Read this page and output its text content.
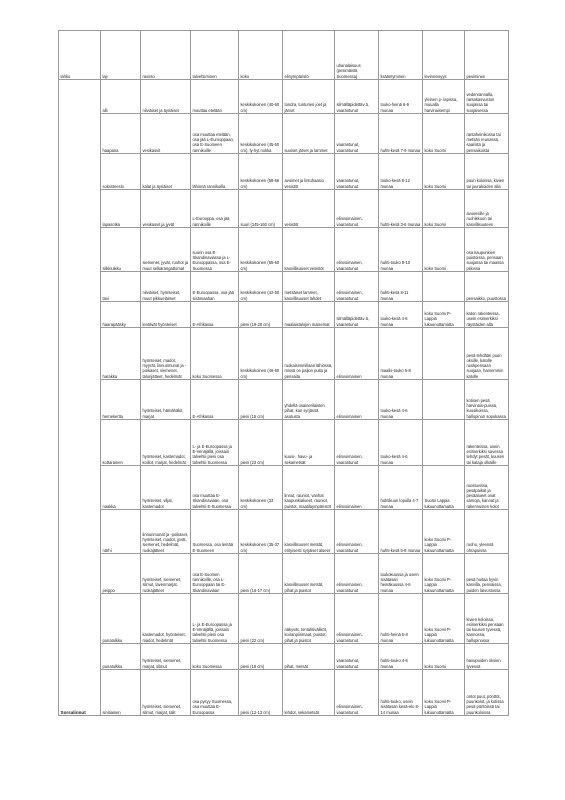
lahko	laji	ravinto	talvehtiminen	koko	elinympäristö	uhanalaisuus (pesimäistä Suomessa)	lisääntyminen	levinneisyys	pesiminen
Sorsalinnut	alli	nilviäiset ja äyriäiset	muuttaa etelään	keskikokoinen (40-60 cm)	tundra, tunturien joet ja järvet	silmälläpidettäv ä, vaarantunut	touko-heinä 6-9 munaa	yleinen p- lapissa, muualla harvinaisempi	vedenrannalla, rantakasvuston suojassa tai suojaisessa
	haapana	vesikasvit	osa muuttaa etelään, osa jää L-Eurooppaan, osa E-Suomeen rannikoille	keskikokoinen (45-50 cm), ly-hyt nokka	suoiset järvet ja lammet	vaarantunut, vaarantunut	huhti-kesä 7-9 munaa	koko Suomi	rantaheinikossa tai metsän reunassa, saarista ja pensaikoista
	sokssteeslo	kalat ja äyriäiset	lähinnä rannikoilla	keskikokoinen (58-66 cm)	avoimet ja lintuhaasio vesistöt	vaarantunut, vaarantunut	touko-kesä 8-12 munaa	koko Suomi	puun koloissa, kivien tai juurakoiden alla
	lapasotka	vesikasvit ja jyvät	L-Eurooppa, osa jää rannikoille	suuri (145-160 cm)	vesistöt	elinvoimainen, vaarantunut	huhti-kesä 3-6 munaa	koko Suomi	avovesille ja ruohikkoon tai kasvillisuuteen
	silkkiuikku	siemenet, jyvät, ruohot ja muut selkärangattomat	suurin osa E-Skandinaviassa ja L-Eurooppassa, osa E-Suomessa	keskikokoinen (55-60 cm)	kasvillisuuset vesistöt	elinvoimainen, vaarantunut	huhti-touko 8-10 munaa	koko Suomi	osa kaupunkien puistoissa, pensaan suojassa tai maassa piilossa
	tavi	nilviäiset, hyönteiset, muut pikkueläimet	E-Euroopassa, osa jää sisämaahan	keskikokoinen (42-50 cm)	metsäiset lammet, kasvillisuuset lahdet	elinvoimainen, vaarantunut	huhti-kesä 8-11 munaa		pensaikko, puustossa
	haarapääsky	lentävät hyönteiset	E-Afrikassa	pieni (19-20 cm)	maalaistalojen maisemat	silmälläpidettäv ä, vaarantunut	touko-kesä 4-6 munaa	koko Suomi P-Lappia lukuunottamatta	katon rakenteissa, usein esimerkiksi räystäiden alla
	harakka	hyönteiset, madot, myyrät, linnunmunat ja -poikaset, siemenet, talonjätteet, hedelmät	koko Suomessa	keskikokoinen (46-50 cm)	ruokaisimmillaan lähiössä, missä on paljon puita ja pensaita	elinvoimainen	maalis-touko 5-8 munaa		pesä tehdään puun oksille, katolle ruiskpensaan suojaan, harvemmin katolle
	hernekerttu	hyönteiset, hämähäkit, marjat	E-Afrikassa	pieni (15 cm)	yhdellä osainerilaisten pihat, kun syrjässä asutusta	elinvoimainen	touko-kesä 4-6 munaa		kotisen pesä, harvinais-puissa, kuusikoissa, hallopinon sopukassa
	kottarainen	hyönteiset, kastemadot, koiliot, marjat, hedelmät	L- ja E-Euroopassa ja E-Venäjällä, joissain talvehtii pieni osa talvehtii Suomessa	pieni (23 cm)	kuusi-, havu- ja sekametsät	elinvoimainen, vaarantunut	touko-kesä 4-6 munaa		rakenteissa, usein esimerkiksi savessa tehdyt pesät, kuusen tai kataja olkaille
	naakka	hyönteiset, viljat, kastemadot	osa muuttaa E-Skandinaviaan, osa talvehtii E-Suomessa	keskikokoinen (33 cm)	linnut, rauniot, vanhat kaupunkialueet, rauniot, puistot, maatilaympäristöt	elinvoimainen	huhtikuun lopulla 4-7 munaa	Suomi Lappia lukuunottamatta	ruostuvissa, pesäpaikat ja pesäalueet ovat samoja, kannat ja rakennusten kolot
	närhi	linnunmunat ja -poikaset, hyönteiset, madot, jyvät, siemenet, hedelmät, ruokajätteet	Suomessa, osa lentää E-Suomeen	keskikokoinen (35-37 cm)	kasvillisuuset metsät, erityisesti syrjäiset alueet	elinvoimainen, vaarantunut	huhti-kesä 5-8 munaa	koko Suomi P-Lappia lukuunottamatta	ruoho, yleensä ohrapuissa
	peippo	hyönteiset, siemenet, silmut, lavenmarjat, ruokajätteet	osa E-Suomen rannikoille, osa L-Eurooppaan tai E-Skandinaviaan	pieni (16-17 cm)	kasvillisuuset metsät, pihat ja puistot	elinvoimainen, vaarantunut	toukokuussa ja usein sisätasan heinäkuussa 4-6 munaa	koko Suomi P-Lappia lukuunottamatta	pesä hoitaa hyvin kasvilla, pensaissa, puiden latvustossa
	punatulkku	kastemadot, hyönteiset, madot, hedelmät	L- ja E-Euroopassa ja E-Venäjällä, joissain talvehtii pieni osa talvehtii Suomessa	pieni (22 cm)	näkyvät, tontahtiväliköt, koiranpiirimaat, puistot, pihat ja puistot	elinvoimainen, vaarantunut	huhti-heinä 5-8 munaa	koko Suomi P-Lappia lukuunottamatta	kivien koloissa, esimerkiksi pensaan tai kuusen tyvessä, kannossa, hallopinossa
	punatulkku	hyönteiset, siemenet, marjat, silmut	koko Suomessa	pieni (18 cm)	pihat, metsät	vaarantunut, vaarantunut	huhti-touko 4-6 munaa	koko Suomi	havupuiden oksien tyvessä
	sinitiainen	hyönteiset, siemenet, silmut, marjat, talit	osa pysyy Suomessa, osa muuttaa E-Euroopassa	pieni (12-13 cm)	lehdot, sekametsät	elinvoimainen, vaarantunut	huhti-touko, usein sisätasan kesä-elo 8-14 munaa	koko Suomi P-Lappia lukuunottamatta	ontot puut, pönttöt, puunkolot, ja kotissa pesä pöntöissä tai puunkoloissa
